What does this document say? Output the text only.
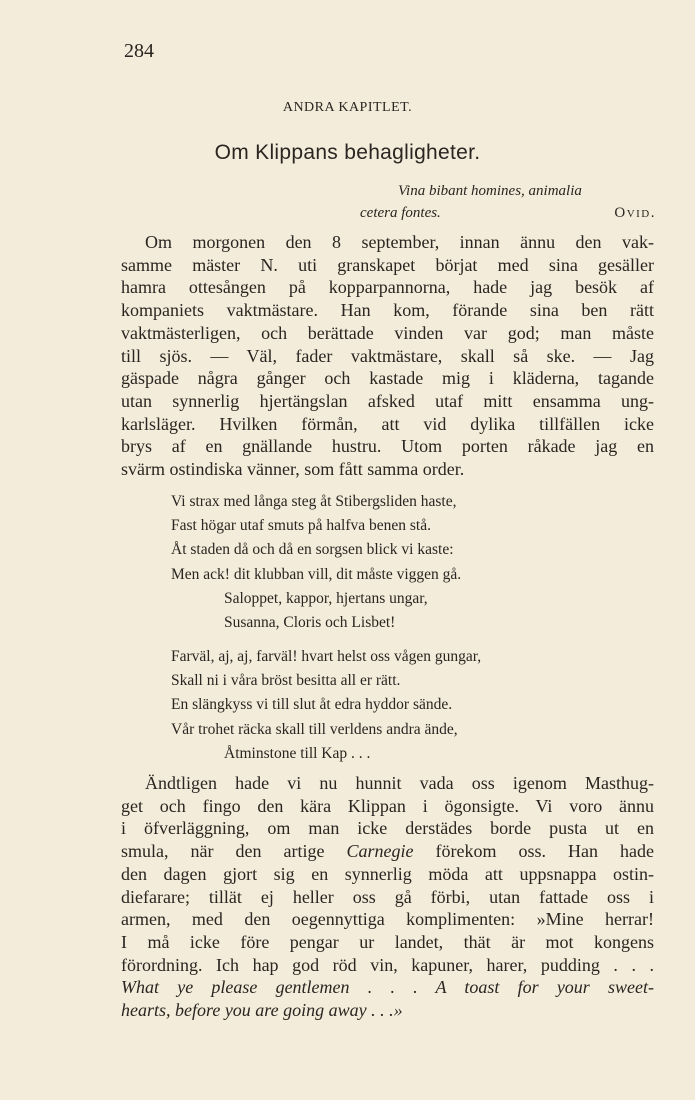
284
ANDRA KAPITLET.
Om Klippans behagligheter.
Vina bibant homines, animalia
cetera fontes.	Ovid.
Om morgonen den 8 september, innan ännu den vak-
samme mäster N. uti granskapet börjat med sina gesäller
hamra ottesången på kopparpannorna, hade jag besök af
kompaniets vaktmästare. Han kom, förande sina ben rätt
vaktmästerligen, och berättade vinden var god; man måste
till sjös. — Väl, fader vaktmästare, skall så ske. — Jag
gäspade några gånger och kastade mig i kläderna, tagande
utan synnerlig hjertängslan afsked utaf mitt ensamma ung-
karlsläger. Hvilken förmån, att vid dylika tillfällen icke
brys af en gnällande hustru. Utom porten råkade jag en
svärm ostindiska vänner, som fått samma order.
Vi strax med långa steg åt Stibergsliden haste,
Fast högar utaf smuts på halfva benen stå.
Åt staden då och då en sorgsen blick vi kaste:
Men ack! dit klubban vill, dit måste viggen gå.
Saloppet, kappor, hjertans ungar,
Susanna, Cloris och Lisbet!
Farväl, aj, aj, farväl! hvart helst oss vågen gungar,
Skall ni i våra bröst besitta all er rätt.
En slängkyss vi till slut åt edra hyddor sände.
Vår trohet räcka skall till verldens andra ände,
Åtminstone till Kap . . .
Ändtligen hade vi nu hunnit vada oss igenom Masthug-
get och fingo den kära Klippan i ögonsigte. Vi voro ännu
i öfverläggning, om man icke derstädes borde pusta ut en
smula, när den artige Carnegie förekom oss. Han hade
den dagen gjort sig en synnerlig möda att uppsnappa ostin-
diefarare; tillät ej heller oss gå förbi, utan fattade oss i
armen, med den oegennyttiga komplimenten: »Mine herrar!
I må icke före pengar ur landet, thät är mot kongens
förordning. Ich hap god röd vin, kapuner, harer, pudding . . .
What ye please gentlemen . . . A toast for your sweet-
hearts, before you are going away . . .»
